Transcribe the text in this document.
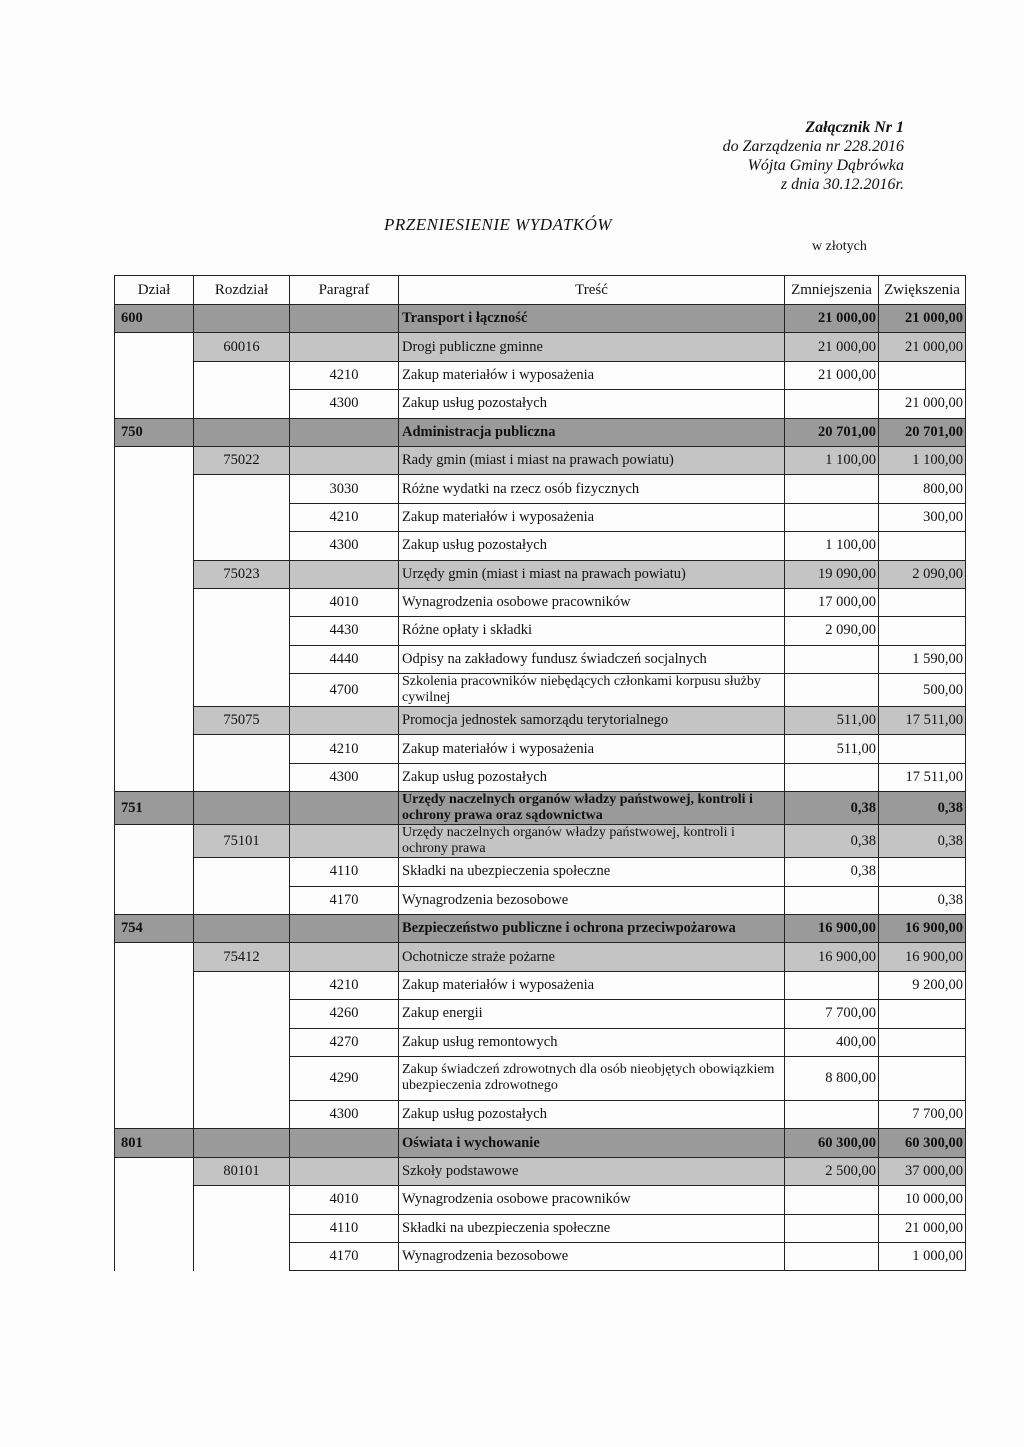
Załącznik Nr 1
do Zarządzenia nr 228.2016
Wójta Gminy Dąbrówka
z dnia 30.12.2016r.
PRZENIESIENIE WYDATKÓW
w złotych
Dział	Rozdział	Paragraf	Treść	Zmniejszenia	Zwiększenia
600			Transport i łączność	21 000,00	21 000,00
	60016		Drogi publiczne gminne	21 000,00	21 000,00
		4210	Zakup materiałów i wyposażenia	21 000,00	
		4300	Zakup usług pozostałych		21 000,00
750			Administracja publiczna	20 701,00	20 701,00
	75022		Rady gmin (miast i miast na prawach powiatu)	1 100,00	1 100,00
		3030	Różne wydatki na rzecz osób fizycznych		800,00
		4210	Zakup materiałów i wyposażenia		300,00
		4300	Zakup usług pozostałych	1 100,00	
	75023		Urzędy gmin (miast i miast na prawach powiatu)	19 090,00	2 090,00
		4010	Wynagrodzenia osobowe pracowników	17 000,00	
		4430	Różne opłaty i składki	2 090,00	
		4440	Odpisy na zakładowy fundusz świadczeń socjalnych		1 590,00
		4700	Szkolenia pracowników niebędących członkami korpusu służby cywilnej		500,00
	75075		Promocja jednostek samorządu terytorialnego	511,00	17 511,00
		4210	Zakup materiałów i wyposażenia	511,00	
		4300	Zakup usług pozostałych		17 511,00
751			Urzędy naczelnych organów władzy państwowej, kontroli i ochrony prawa oraz sądownictwa	0,38	0,38
	75101		Urzędy naczelnych organów władzy państwowej, kontroli i ochrony prawa	0,38	0,38
		4110	Składki na ubezpieczenia społeczne	0,38	
		4170	Wynagrodzenia bezosobowe		0,38
754			Bezpieczeństwo publiczne i ochrona przeciwpożarowa	16 900,00	16 900,00
	75412		Ochotnicze straże pożarne	16 900,00	16 900,00
		4210	Zakup materiałów i wyposażenia		9 200,00
		4260	Zakup energii	7 700,00	
		4270	Zakup usług remontowych	400,00	
		4290	Zakup świadczeń zdrowotnych dla osób nieobjętych obowiązkiem ubezpieczenia zdrowotnego	8 800,00	
		4300	Zakup usług pozostałych		7 700,00
801			Oświata i wychowanie	60 300,00	60 300,00
	80101		Szkoły podstawowe	2 500,00	37 000,00
		4010	Wynagrodzenia osobowe pracowników		10 000,00
		4110	Składki na ubezpieczenia społeczne		21 000,00
		4170	Wynagrodzenia bezosobowe		1 000,00
